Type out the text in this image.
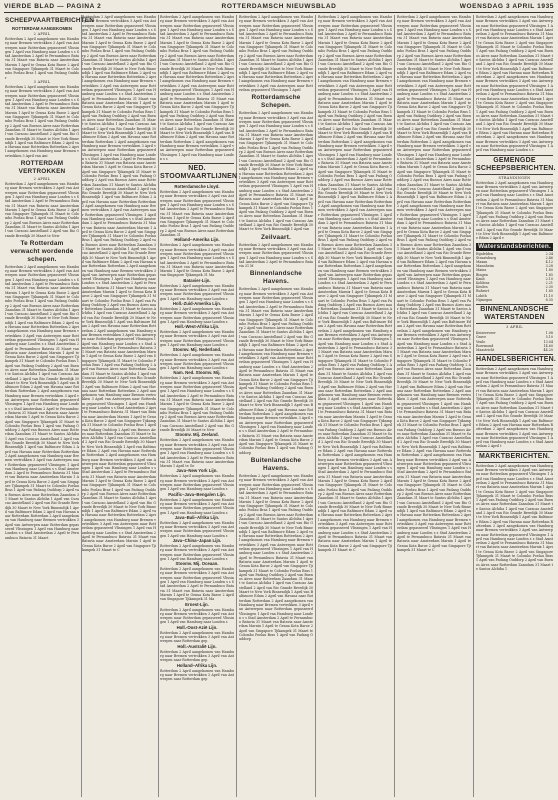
VIERDE BLAD — PAGINA 2	ROTTERDAMSCH NIEUWSBLAD	WOENSDAG 3 APRIL 1935
SCHEEPVAARTBERICHTEN
ROTTERDAM AANGEKOMEN
2 APRIL
Rotterdam 2 April aangekomen van Hamburg naar Bremen vertrokken 3 April van Antwerpen naar Rotterdam gepasseerd Vlissingen 1 April van Hamburg naar Londen s s Stad Amsterdam 2 April te Pernambuco Batavia 31 Maart van Batavia naar Amsterdam Marnix 1 April te Genua Kota Baroe 2 April van Singapore Tjikampek 31 Maart te Colombo Poelau Bras 1 April van Padang Ouddor
3 APRIL
Rotterdam 2 April aangekomen van Hamburg naar Bremen vertrokken 3 April van Antwerpen naar Rotterdam gepasseerd Vlissingen 1 April van Hamburg naar Londen s s Stad Amsterdam 2 April te Pernambuco Batavia 31 Maart van Batavia naar Amsterdam Marnix 1 April te Genua Kota Baroe 2 April van Singapore Tjikampek 31 Maart te Colombo Poelau Bras 1 April van Padang Ouddorp 2 April van Buenos Aires naar Rotterdam Zaandam 31 Maart te Santos Alchiba 1 April van Curacao Amstelland 2 April van Rio Grande Breedijk 30 Maart te New York Binnendijk 1 April van Baltimore Edam 2 April van Havana naar Rotterdam Rotterdam 2 April aangekomen van Hamburg naar Bremen vertrokken 3 April van Ant
ROTTERDAM VERTROKKEN
2 APRIL
Rotterdam 2 April aangekomen van Hamburg naar Bremen vertrokken 3 April van Antwerpen naar Rotterdam gepasseerd Vlissingen 1 April van Hamburg naar Londen s s Stad Amsterdam 2 April te Pernambuco Batavia 31 Maart van Batavia naar Amsterdam Marnix 1 April te Genua Kota Baroe 2 April van Singapore Tjikampek 31 Maart te Colombo Poelau Bras 1 April van Padang Ouddorp 2 April van Buenos Aires naar Rotterdam Zaandam 31 Maart te Santos Alchiba 1 April van Curacao Amstelland 2 April van Rio Grande Breedijk 30 Maart te New
Te Rotterdam verwacht wordende schepen.
Rotterdam 2 April aangekomen van Hamburg naar Bremen vertrokken 3 April van Antwerpen naar Rotterdam gepasseerd Vlissingen 1 April van Hamburg naar Londen s s Stad Amsterdam 2 April te Pernambuco Batavia 31 Maart van Batavia naar Amsterdam Marnix 1 April te Genua Kota Baroe 2 April van Singapore Tjikampek 31 Maart te Colombo Poelau Bras 1 April van Padang Ouddorp 2 April van Buenos Aires naar Rotterdam Zaandam 31 Maart te Santos Alchiba 1 April van Curacao Amstelland 2 April van Rio Grande Breedijk 30 Maart te New York Binnendijk 1 April van Baltimore Edam 2 April van Havana naar Rotterdam Rotterdam 2 April aangekomen van Hamburg naar Bremen vertrokken 3 April van Antwerpen naar Rotterdam gepasseerd Vlissingen 1 April van Hamburg naar Londen s s Stad Amsterdam 2 April te Pernambuco Batavia 31 Maart van Batavia naar Amsterdam Marnix 1 April te Genua Kota Baroe 2 April van Singapore Tjikampek 31 Maart te Colombo Poelau Bras 1 April van Padang Ouddorp 2 April van Buenos Aires naar Rotterdam Zaandam 31 Maart te Santos Alchiba 1 April van Curacao Amstelland 2 April van Rio Grande Breedijk 30 Maart te New York Binnendijk 1 April van Baltimore Edam 2 April van Havana naar Rotterdam Rotterdam 2 April aangekomen van Hamburg naar Bremen vertrokken 3 April van Antwerpen naar Rotterdam gepasseerd Vlissingen 1 April van Hamburg naar Londen s s Stad Amsterdam 2 April te Pernambuco Batavia 31 Maart van Batavia naar Amsterdam Marnix 1 April te Genua Kota Baroe 2 April van Singapore Tjikampek 31 Maart te Colombo Poelau Bras 1 April van Padang Ouddorp 2 April van Buenos Aires naar Rotterdam Zaandam 31 Maart te Santos Alchiba 1 April van Curacao Amstelland 2 April van Rio Grande Breedijk 30 Maart te New York Binnendijk 1 April van Baltimore Edam 2 April van Havana naar Rotterdam Rotterdam 2 April aangekomen van Hamburg naar Bremen vertrokken 3 April van Antwerpen naar Rotterdam gepasseerd Vlissingen 1 April van Hamburg naar Londen s s Stad Amsterdam 2 April te Pernambuco Batavia 31 Maart van Batavia naar Amsterdam Marnix 1 April te Genua Kota Baroe 2 April van Singapore Tjikampek 31 Maart te Colombo Poelau Bras 1 April van Padang Ouddorp 2 April van Buenos Aires naar Rotterdam Zaandam 31 Maart te Santos Alchiba 1 April van Curacao Amstelland 2 April van Rio Grande Breedijk 30 Maart te New York Binnendijk 1 April van Baltimore Edam 2 April van Havana naar Rotterdam Rotterdam 2 April aangekomen van Hamburg naar Bremen vertrokken 3 April van Antwerpen naar Rotterdam gepasseerd Vlissingen 1 April van Hamburg naar Londen s s Stad Amsterdam 2 April te Pernambuco Batavia 31 Maart
Rotterdam 2 April aangekomen van Hamburg naar Bremen vertrokken 3 April van Antwerpen naar Rotterdam gepasseerd Vlissingen 1 April van Hamburg naar Londen s s Stad Amsterdam 2 April te Pernambuco Batavia 31 Maart van Batavia naar Amsterdam Marnix 1 April te Genua Kota Baroe 2 April van Singapore Tjikampek 31 Maart te Colombo Poelau Bras 1 April van Padang Ouddorp 2 April van Buenos Aires naar Rotterdam Zaandam 31 Maart te Santos Alchiba 1 April van Curacao Amstelland 2 April van Rio Grande Breedijk 30 Maart te New York Binnendijk 1 April van Baltimore Edam 2 April van Havana naar Rotterdam Rotterdam 2 April aangekomen van Hamburg naar Bremen vertrokken 3 April van Antwerpen naar Rotterdam gepasseerd Vlissingen 1 April van Hamburg naar Londen s s Stad Amsterdam 2 April te Pernambuco Batavia 31 Maart van Batavia naar Amsterdam Marnix 1 April te Genua Kota Baroe 2 April van Singapore Tjikampek 31 Maart te Colombo Poelau Bras 1 April van Padang Ouddorp 2 April van Buenos Aires naar Rotterdam Zaandam 31 Maart te Santos Alchiba 1 April van Curacao Amstelland 2 April van Rio Grande Breedijk 30 Maart te New York Binnendijk 1 April van Baltimore Edam 2 April van Havana naar Rotterdam Rotterdam 2 April aangekomen van Hamburg naar Bremen vertrokken 3 April van Antwerpen naar Rotterdam gepasseerd Vlissingen 1 April van Hamburg naar Londen s s Stad Amsterdam 2 April te Pernambuco Batavia 31 Maart van Batavia naar Amsterdam Marnix 1 April te Genua Kota Baroe 2 April van Singapore Tjikampek 31 Maart te Colombo Poelau Bras 1 April van Padang Ouddorp 2 April van Buenos Aires naar Rotterdam Zaandam 31 Maart te Santos Alchiba 1 April van Curacao Amstelland 2 April van Rio Grande Breedijk 30 Maart te New York Binnendijk 1 April van Baltimore Edam 2 April van Havana naar Rotterdam Rotterdam 2 April aangekomen van Hamburg naar Bremen vertrokken 3 April van Antwerpen naar Rotterdam gepasseerd Vlissingen 1 April van Hamburg naar Londen s s Stad Amsterdam 2 April te Pernambuco Batavia 31 Maart van Batavia naar Amsterdam Marnix 1 April te Genua Kota Baroe 2 April van Singapore Tjikampek 31 Maart te Colombo Poelau Bras 1 April van Padang Ouddorp 2 April van Buenos Aires naar Rotterdam Zaandam 31 Maart te Santos Alchiba 1 April van Curacao Amstelland 2 April van Rio Grande Breedijk 30 Maart te New York Binnendijk 1 April van Baltimore Edam 2 April van Havana naar Rotterdam Rotterdam 2 April aangekomen van Hamburg naar Bremen vertrokken 3 April van Antwerpen naar Rotterdam gepasseerd Vlissingen 1 April van Hamburg naar Londen s s Stad Amsterdam 2 April te Pernambuco Batavia 31 Maart van Batavia naar Amsterdam Marnix 1 April te Genua Kota Baroe 2 April van Singapore Tjikampek 31 Maart te Colombo Poelau Bras 1 April van Padang Ouddorp 2 April van Buenos Aires naar Rotterdam Zaandam 31 Maart te Santos Alchiba 1 April van Curacao Amstelland 2 April van Rio Grande Breedijk 30 Maart te New York Binnendijk 1 April van Baltimore Edam 2 April van Havana naar Rotterdam Rotterdam 2 April aangekomen van Hamburg naar Bremen vertrokken 3 April van Antwerpen naar Rotterdam gepasseerd Vlissingen 1 April van Hamburg naar Londen s s Stad Amsterdam 2 April te Pernambuco Batavia 31 Maart van Batavia naar Amsterdam Marnix 1 April te Genua Kota Baroe 2 April van Singapore Tjikampek 31 Maart te Colombo Poelau Bras 1 April van Padang Ouddorp 2 April van Buenos Aires naar Rotterdam Zaandam 31 Maart te Santos Alchiba 1 April van Curacao Amstelland 2 April van Rio Grande Breedijk 30 Maart te New York Binnendijk 1 April van Baltimore Edam 2 April van Havana naar Rotterdam Rotterdam 2 April aangekomen van Hamburg naar Bremen vertrokken 3 April van Antwerpen naar Rotterdam gepasseerd Vlissingen 1 April van Hamburg naar Londen s s Stad Amsterdam 2 April te Pernambuco Batavia 31 Maart van Batavia naar Amsterdam Marnix 1 April te Genua Kota Baroe 2 April van Singapore Tjikampek 31 Maart te Colombo Poelau Bras 1 April van Padang Ouddorp 2 April van Buenos Aires naar Rotterdam Zaandam 31 Maart te Santos Alchiba 1 April van Curacao Amstelland 2 April van Rio Grande Breedijk 30 Maart te New York Binnendijk 1 April van Baltimore Edam 2 April van Havana naar Rotterdam Rotterdam 2 April aangekomen van Hamburg naar Bremen vertrokken 3 April van Antwerpen naar Rotterdam gepasseerd Vlissingen 1 April van Hamburg naar Londen s s Stad Amsterdam 2 April te Pernambuco Batavia 31 Maart van Batavia naar Amsterdam Marnix 1 April te Genua Kota Baroe 2 April van Singapore Tjikampek 31 Maart te Colombo Poelau Bras 1 April van Padang Ouddorp 2 April van Buenos Aires naar Rotterdam Zaandam 31 Maart te Santos Alchiba 1 April van Curacao Amstelland 2 April van Rio Grande Breedijk 30 Maart te New York Binnendijk 1 April van Baltimore Edam 2 April van Havana naar Rotterdam Rotterdam 2 April aangekomen van Hamburg naar Bremen vertrokken 3 April van Antwerpen naar Rotterdam gepasseerd Vlissingen 1 April van Hamburg naar Londen s s Stad Amsterdam 2 April te Pernambuco Batavia 31 Maart van Batavia naar Amsterdam Marnix 1 April te Genua Kota Baroe 2 April van Singapore Tjikampek 31 Maart te C
Rotterdam 2 April aangekomen van Hamburg naar Bremen vertrokken 3 April van Antwerpen naar Rotterdam gepasseerd Vlissingen 1 April van Hamburg naar Londen s s Stad Amsterdam 2 April te Pernambuco Batavia 31 Maart van Batavia naar Amsterdam Marnix 1 April te Genua Kota Baroe 2 April van Singapore Tjikampek 31 Maart te Colombo Poelau Bras 1 April van Padang Ouddorp 2 April van Buenos Aires naar Rotterdam Zaandam 31 Maart te Santos Alchiba 1 April van Curacao Amstelland 2 April van Rio Grande Breedijk 30 Maart te New York Binnendijk 1 April van Baltimore Edam 2 April van Havana naar Rotterdam Rotterdam 2 April aangekomen van Hamburg naar Bremen vertrokken 3 April van Antwerpen naar Rotterdam gepasseerd Vlissingen 1 April van Hamburg naar Londen s s Stad Amsterdam 2 April te Pernambuco Batavia 31 Maart van Batavia naar Amsterdam Marnix 1 April te Genua Kota Baroe 2 April van Singapore Tjikampek 31 Maart te Colombo Poelau Bras 1 April van Padang Ouddorp 2 April van Buenos Aires naar Rotterdam Zaandam 31 Maart te Santos Alchiba 1 April van Curacao Amstelland 2 April van Rio Grande Breedijk 30 Maart te New York Binnendijk 1 April van Baltimore Edam 2 April van Havana naar Rotterdam Rotterdam 2 April aangekomen van Hamburg naar Bremen vertrokken 3 April van Antwerpen naar Rotterdam gepasseerd Vlissingen 1 April van Hamburg naar Londen s s
NED. STOOMVAARTLIJNEN
Rotterdamsche Lloyd.
Rotterdam 2 April aangekomen van Hamburg naar Bremen vertrokken 3 April van Antwerpen naar Rotterdam gepasseerd Vlissingen 1 April van Hamburg naar Londen s s Stad Amsterdam 2 April te Pernambuco Batavia 31 Maart van Batavia naar Amsterdam Marnix 1 April te Genua Kota Baroe 2 April van Singapore Tjikampek 31 Maart te Colombo Poelau Bras 1 April van Padang Ouddorp 2 April van Buenos Aires naar Rotterdam Zaandam 31
Holland–Amerika Lijn.
Rotterdam 2 April aangekomen van Hamburg naar Bremen vertrokken 3 April van Antwerpen naar Rotterdam gepasseerd Vlissingen 1 April van Hamburg naar Londen s s Stad Amsterdam 2 April te Pernambuco Batavia 31 Maart van Batavia naar Amsterdam Marnix 1 April te Genua Kota Baroe 2 April van Singapore Tjikampek 31 Ma
Batavier-Lijn.
Rotterdam 2 April aangekomen van Hamburg naar Bremen vertrokken 3 April van Antwerpen naar Rotterdam gepasseerd Vlissingen 1 April van Hamburg naar Londen s
Holl.-Zuid-Amerika Lijn.
Rotterdam 2 April aangekomen van Hamburg naar Bremen vertrokken 3 April van Antwerpen naar Rotterdam gepasseerd Vlissingen 1 April van Hamburg naar Londen s
Holl.-West-Afrika Lijn.
Rotterdam 2 April aangekomen van Hamburg naar Bremen vertrokken 3 April van Antwerpen naar Rotterdam gepasseerd Vlissingen 1 April van Hamburg naar Londen s
Stoomv. Mij. Nederland.
Rotterdam 2 April aangekomen van Hamburg naar Bremen vertrokken 3 April van Antwerpen naar Rotterdam gepasseerd Vlissingen 1 April van Hamburg naar Londen s
Nam. Ned. Stoomv. Mij.
Rotterdam 2 April aangekomen van Hamburg naar Bremen vertrokken 3 April van Antwerpen naar Rotterdam gepasseerd Vlissingen 1 April van Hamburg naar Londen s s Stad Amsterdam 2 April te Pernambuco Batavia 31 Maart van Batavia naar Amsterdam Marnix 1 April te Genua Kota Baroe 2 April van Singapore Tjikampek 31 Maart te Colombo Poelau Bras 1 April van Padang Ouddorp 2 April van Buenos Aires naar Rotterdam Zaandam 31 Maart te Santos Alchiba 1 April van Curacao Amstelland 2 April van Rio Grande Breedijk 30 Maart te New
Stoomv. Mij. Zeeland.
Rotterdam 2 April aangekomen van Hamburg naar Bremen vertrokken 3 April van Antwerpen naar Rotterdam gepasseerd Vlissingen 1 April van Hamburg naar Londen s s Stad Amsterdam 2 April te Pernambuco Batavia 31 Maart van Batavia naar Amsterdam Marnix 1 April te Ge
Java–New York Lijn.
Rotterdam 2 April aangekomen van Hamburg naar Bremen vertrokken 3 April van Antwerpen naar Rotterdam gepasseerd Vlissingen 1 April van Hamburg naar Londen s
Pacific–Java–Bengalen Lijn.
Rotterdam 2 April aangekomen van Hamburg naar Bremen vertrokken 3 April van Antwerpen naar Rotterdam gepasseerd Vlissingen 1 April van Hamburg naar Londen s
Java–Bali–Afrika Lijn.
Rotterdam 2 April aangekomen van Hamburg naar Bremen vertrokken 3 April van Antwerpen naar Rotterdam gepasseerd Vlissingen 1 April van Hamburg naar Londen s
Java–China–Japan Lijn.
Rotterdam 2 April aangekomen van Hamburg naar Bremen vertrokken 3 April van Antwerpen naar Rotterdam gepasseerd Vlissingen 1 April van Hamburg naar Londen s
Stoomv. Mij. Oceaan.
Rotterdam 2 April aangekomen van Hamburg naar Bremen vertrokken 3 April van Antwerpen naar Rotterdam gepasseerd Vlissingen 1 April van Hamburg naar Londen s s Stad Amsterdam 2 April te Pernambuco Batavia 31 Maart van Batavia naar Amsterdam Marnix 1 April te Genua Kota Baroe 2 April van Singapore Tjikampek 31 Ma
Ernest-Lijn.
Rotterdam 2 April aangekomen van Hamburg naar Bremen vertrokken 3 April van Antwerpen naar Rotterdam gepasseerd Vlissingen 1 April van Hamburg naar Londen s
Holl.-Oost-Azië Lijn.
Rotterdam 2 April aangekomen van Hamburg naar Bremen vertrokken 3 April van Antwerpen naar Rotterdam gep
Holl.-Australië Lijn.
Rotterdam 2 April aangekomen van Hamburg naar Bremen vertrokken 3 April van Antwerpen naar Rotterdam gep
Holland–Afrika Lijn.
Rotterdam 2 April aangekomen van Hamburg naar Bremen vertrokken 3 April van Antwerpen naar Rotterdam gep
Rotterdam 2 April aangekomen van Hamburg naar Bremen vertrokken 3 April van Antwerpen naar Rotterdam gepasseerd Vlissingen 1 April van Hamburg naar Londen s s Stad Amsterdam 2 April te Pernambuco Batavia 31 Maart van Batavia naar Amsterdam Marnix 1 April te Genua Kota Baroe 2 April van Singapore Tjikampek 31 Maart te Colombo Poelau Bras 1 April van Padang Ouddorp 2 April van Buenos Aires naar Rotterdam Zaandam 31 Maart te Santos Alchiba 1 April van Curacao Amstelland 2 April van Rio Grande Breedijk 30 Maart te New York Binnendijk 1 April van Baltimore Edam 2 April van Havana naar Rotterdam Rotterdam 2 April aangekomen van Hamburg naar Bremen vertrokken 3 April van Antwerpen naar Rotterdam gepasseerd Vlissingen 1 April
Rotterdamsche Schepen.
Rotterdam 2 April aangekomen van Hamburg naar Bremen vertrokken 3 April van Antwerpen naar Rotterdam gepasseerd Vlissingen 1 April van Hamburg naar Londen s s Stad Amsterdam 2 April te Pernambuco Batavia 31 Maart van Batavia naar Amsterdam Marnix 1 April te Genua Kota Baroe 2 April van Singapore Tjikampek 31 Maart te Colombo Poelau Bras 1 April van Padang Ouddorp 2 April van Buenos Aires naar Rotterdam Zaandam 31 Maart te Santos Alchiba 1 April van Curacao Amstelland 2 April van Rio Grande Breedijk 30 Maart te New York Binnendijk 1 April van Baltimore Edam 2 April van Havana naar Rotterdam Rotterdam 2 April aangekomen van Hamburg naar Bremen vertrokken 3 April van Antwerpen naar Rotterdam gepasseerd Vlissingen 1 April van Hamburg naar Londen s s Stad Amsterdam 2 April te Pernambuco Batavia 31 Maart van Batavia naar Amsterdam Marnix 1 April te Genua Kota Baroe 2 April van Singapore Tjikampek 31 Maart te Colombo Poelau Bras 1 April van Padang Ouddorp 2 April van Buenos Aires naar Rotterdam Zaandam 31 Maart te Santos Alchiba 1 April van Curacao Amstelland 2 April van Rio Grande Breedijk 30 Maart te New York Binnendijk 1 April van
Zeilvaart.
Rotterdam 2 April aangekomen van Hamburg naar Bremen vertrokken 3 April van Antwerpen naar Rotterdam gepasseerd Vlissingen 1 April van Hamburg naar Londen s s Stad Amsterdam 2 April te Pernambuco Batavia 31 M
Binnenlandsche Havens.
Rotterdam 2 April aangekomen van Hamburg naar Bremen vertrokken 3 April van Antwerpen naar Rotterdam gepasseerd Vlissingen 1 April van Hamburg naar Londen s s Stad Amsterdam 2 April te Pernambuco Batavia 31 Maart van Batavia naar Amsterdam Marnix 1 April te Genua Kota Baroe 2 April van Singapore Tjikampek 31 Maart te Colombo Poelau Bras 1 April van Padang Ouddorp 2 April van Buenos Aires naar Rotterdam Zaandam 31 Maart te Santos Alchiba 1 April van Curacao Amstelland 2 April van Rio Grande Breedijk 30 Maart te New York Binnendijk 1 April van Baltimore Edam 2 April van Havana naar Rotterdam Rotterdam 2 April aangekomen van Hamburg naar Bremen vertrokken 3 April van Antwerpen naar Rotterdam gepasseerd Vlissingen 1 April van Hamburg naar Londen s s Stad Amsterdam 2 April te Pernambuco Batavia 31 Maart van Batavia naar Amsterdam Marnix 1 April te Genua Kota Baroe 2 April van Singapore Tjikampek 31 Maart te Colombo Poelau Bras 1 April van Padang Ouddorp 2 April van Buenos Aires naar Rotterdam Zaandam 31 Maart te Santos Alchiba 1 April van Curacao Amstelland 2 April van Rio Grande Breedijk 30 Maart te New York Binnendijk 1 April van Baltimore Edam 2 April van Havana naar Rotterdam Rotterdam 2 April aangekomen van Hamburg naar Bremen vertrokken 3 April van Antwerpen naar Rotterdam gepasseerd Vlissingen 1 April van Hamburg naar Londen s s Stad Amsterdam 2 April te Pernambuco Batavia 31 Maart van Batavia naar Amsterdam Marnix 1 April te Genua Kota Baroe 2 April van Singapore Tjikampek 31 Maart te Colombo Poelau Bras 1 April van Padang Ouddorp
Buitenlandsche Havens.
Rotterdam 2 April aangekomen van Hamburg naar Bremen vertrokken 3 April van Antwerpen naar Rotterdam gepasseerd Vlissingen 1 April van Hamburg naar Londen s s Stad Amsterdam 2 April te Pernambuco Batavia 31 Maart van Batavia naar Amsterdam Marnix 1 April te Genua Kota Baroe 2 April van Singapore Tjikampek 31 Maart te Colombo Poelau Bras 1 April van Padang Ouddorp 2 April van Buenos Aires naar Rotterdam Zaandam 31 Maart te Santos Alchiba 1 April van Curacao Amstelland 2 April van Rio Grande Breedijk 30 Maart te New York Binnendijk 1 April van Baltimore Edam 2 April van Havana naar Rotterdam Rotterdam 2 April aangekomen van Hamburg naar Bremen vertrokken 3 April van Antwerpen naar Rotterdam gepasseerd Vlissingen 1 April van Hamburg naar Londen s s Stad Amsterdam 2 April te Pernambuco Batavia 31 Maart van Batavia naar Amsterdam Marnix 1 April te Genua Kota Baroe 2 April van Singapore Tjikampek 31 Maart te Colombo Poelau Bras 1 April van Padang Ouddorp 2 April van Buenos Aires naar Rotterdam Zaandam 31 Maart te Santos Alchiba 1 April van Curacao Amstelland 2 April van Rio Grande Breedijk 30 Maart te New York Binnendijk 1 April van Baltimore Edam 2 April van Havana naar Rotterdam Rotterdam 2 April aangekomen van Hamburg naar Bremen vertrokken 3 April van Antwerpen naar Rotterdam gepasseerd Vlissingen 1 April van Hamburg naar Londen s s Stad Amsterdam 2 April te Pernambuco Batavia 31 Maart van Batavia naar Amsterdam Marnix 1 April te Genua Kota Baroe 2 April van Singapore Tjikampek 31 Maart te Colombo Poelau Bras 1 April van Padang Ouddorp
Rotterdam 2 April aangekomen van Hamburg naar Bremen vertrokken 3 April van Antwerpen naar Rotterdam gepasseerd Vlissingen 1 April van Hamburg naar Londen s s Stad Amsterdam 2 April te Pernambuco Batavia 31 Maart van Batavia naar Amsterdam Marnix 1 April te Genua Kota Baroe 2 April van Singapore Tjikampek 31 Maart te Colombo Poelau Bras 1 April van Padang Ouddorp 2 April van Buenos Aires naar Rotterdam Zaandam 31 Maart te Santos Alchiba 1 April van Curacao Amstelland 2 April van Rio Grande Breedijk 30 Maart te New York Binnendijk 1 April van Baltimore Edam 2 April van Havana naar Rotterdam Rotterdam 2 April aangekomen van Hamburg naar Bremen vertrokken 3 April van Antwerpen naar Rotterdam gepasseerd Vlissingen 1 April van Hamburg naar Londen s s Stad Amsterdam 2 April te Pernambuco Batavia 31 Maart van Batavia naar Amsterdam Marnix 1 April te Genua Kota Baroe 2 April van Singapore Tjikampek 31 Maart te Colombo Poelau Bras 1 April van Padang Ouddorp 2 April van Buenos Aires naar Rotterdam Zaandam 31 Maart te Santos Alchiba 1 April van Curacao Amstelland 2 April van Rio Grande Breedijk 30 Maart te New York Binnendijk 1 April van Baltimore Edam 2 April van Havana naar Rotterdam Rotterdam 2 April aangekomen van Hamburg naar Bremen vertrokken 3 April van Antwerpen naar Rotterdam gepasseerd Vlissingen 1 April van Hamburg naar Londen s s Stad Amsterdam 2 April te Pernambuco Batavia 31 Maart van Batavia naar Amsterdam Marnix 1 April te Genua Kota Baroe 2 April van Singapore Tjikampek 31 Maart te Colombo Poelau Bras 1 April van Padang Ouddorp 2 April van Buenos Aires naar Rotterdam Zaandam 31 Maart te Santos Alchiba 1 April van Curacao Amstelland 2 April van Rio Grande Breedijk 30 Maart te New York Binnendijk 1 April van Baltimore Edam 2 April van Havana naar Rotterdam Rotterdam 2 April aangekomen van Hamburg naar Bremen vertrokken 3 April van Antwerpen naar Rotterdam gepasseerd Vlissingen 1 April van Hamburg naar Londen s s Stad Amsterdam 2 April te Pernambuco Batavia 31 Maart van Batavia naar Amsterdam Marnix 1 April te Genua Kota Baroe 2 April van Singapore Tjikampek 31 Maart te Colombo Poelau Bras 1 April van Padang Ouddorp 2 April van Buenos Aires naar Rotterdam Zaandam 31 Maart te Santos Alchiba 1 April van Curacao Amstelland 2 April van Rio Grande Breedijk 30 Maart te New York Binnendijk 1 April van Baltimore Edam 2 April van Havana naar Rotterdam Rotterdam 2 April aangekomen van Hamburg naar Bremen vertrokken 3 April van Antwerpen naar Rotterdam gepasseerd Vlissingen 1 April van Hamburg naar Londen s s Stad Amsterdam 2 April te Pernambuco Batavia 31 Maart van Batavia naar Amsterdam Marnix 1 April te Genua Kota Baroe 2 April van Singapore Tjikampek 31 Maart te Colombo Poelau Bras 1 April van Padang Ouddorp 2 April van Buenos Aires naar Rotterdam Zaandam 31 Maart te Santos Alchiba 1 April van Curacao Amstelland 2 April van Rio Grande Breedijk 30 Maart te New York Binnendijk 1 April van Baltimore Edam 2 April van Havana naar Rotterdam Rotterdam 2 April aangekomen van Hamburg naar Bremen vertrokken 3 April van Antwerpen naar Rotterdam gepasseerd Vlissingen 1 April van Hamburg naar Londen s s Stad Amsterdam 2 April te Pernambuco Batavia 31 Maart van Batavia naar Amsterdam Marnix 1 April te Genua Kota Baroe 2 April van Singapore Tjikampek 31 Maart te Colombo Poelau Bras 1 April van Padang Ouddorp 2 April van Buenos Aires naar Rotterdam Zaandam 31 Maart te Santos Alchiba 1 April van Curacao Amstelland 2 April van Rio Grande Breedijk 30 Maart te New York Binnendijk 1 April van Baltimore Edam 2 April van Havana naar Rotterdam Rotterdam 2 April aangekomen van Hamburg naar Bremen vertrokken 3 April van Antwerpen naar Rotterdam gepasseerd Vlissingen 1 April van Hamburg naar Londen s s Stad Amsterdam 2 April te Pernambuco Batavia 31 Maart van Batavia naar Amsterdam Marnix 1 April te Genua Kota Baroe 2 April van Singapore Tjikampek 31 Maart te Colombo Poelau Bras 1 April van Padang Ouddorp 2 April van Buenos Aires naar Rotterdam Zaandam 31 Maart te Santos Alchiba 1 April van Curacao Amstelland 2 April van Rio Grande Breedijk 30 Maart te New York Binnendijk 1 April van Baltimore Edam 2 April van Havana naar Rotterdam Rotterdam 2 April aangekomen van Hamburg naar Bremen vertrokken 3 April van Antwerpen naar Rotterdam gepasseerd Vlissingen 1 April van Hamburg naar Londen s s Stad Amsterdam 2 April te Pernambuco Batavia 31 Maart van Batavia naar Amsterdam Marnix 1 April te Genua Kota Baroe 2 April van Singapore Tjikampek 31 Maart te Colombo Poelau Bras 1 April van Padang Ouddorp 2 April van Buenos Aires naar Rotterdam Zaandam 31 Maart te Santos Alchiba 1 April van Curacao Amstelland 2 April van Rio Grande Breedijk 30 Maart te New York Binnendijk 1 April van Baltimore Edam 2 April van Havana naar Rotterdam Rotterdam 2 April aangekomen van Hamburg naar Bremen vertrokken 3 April van Antwerpen naar Rotterdam gepasseerd Vlissingen 1 April van Hamburg naar Londen s s Stad Amsterdam 2 April te Pernambuco Batavia 31 Maart van Batavia naar Amsterdam Marnix 1 April te Genua Kota Baroe 2 April van Singapore Tjikampek 31 Maart te C
Rotterdam 2 April aangekomen van Hamburg naar Bremen vertrokken 3 April van Antwerpen naar Rotterdam gepasseerd Vlissingen 1 April van Hamburg naar Londen s s Stad Amsterdam 2 April te Pernambuco Batavia 31 Maart van Batavia naar Amsterdam Marnix 1 April te Genua Kota Baroe 2 April van Singapore Tjikampek 31 Maart te Colombo Poelau Bras 1 April van Padang Ouddorp 2 April van Buenos Aires naar Rotterdam Zaandam 31 Maart te Santos Alchiba 1 April van Curacao Amstelland 2 April van Rio Grande Breedijk 30 Maart te New York Binnendijk 1 April van Baltimore Edam 2 April van Havana naar Rotterdam Rotterdam 2 April aangekomen van Hamburg naar Bremen vertrokken 3 April van Antwerpen naar Rotterdam gepasseerd Vlissingen 1 April van Hamburg naar Londen s s Stad Amsterdam 2 April te Pernambuco Batavia 31 Maart van Batavia naar Amsterdam Marnix 1 April te Genua Kota Baroe 2 April van Singapore Tjikampek 31 Maart te Colombo Poelau Bras 1 April van Padang Ouddorp 2 April van Buenos Aires naar Rotterdam Zaandam 31 Maart te Santos Alchiba 1 April van Curacao Amstelland 2 April van Rio Grande Breedijk 30 Maart te New York Binnendijk 1 April van Baltimore Edam 2 April van Havana naar Rotterdam Rotterdam 2 April aangekomen van Hamburg naar Bremen vertrokken 3 April van Antwerpen naar Rotterdam gepasseerd Vlissingen 1 April van Hamburg naar Londen s s Stad Amsterdam 2 April te Pernambuco Batavia 31 Maart van Batavia naar Amsterdam Marnix 1 April te Genua Kota Baroe 2 April van Singapore Tjikampek 31 Maart te Colombo Poelau Bras 1 April van Padang Ouddorp 2 April van Buenos Aires naar Rotterdam Zaandam 31 Maart te Santos Alchiba 1 April van Curacao Amstelland 2 April van Rio Grande Breedijk 30 Maart te New York Binnendijk 1 April van Baltimore Edam 2 April van Havana naar Rotterdam Rotterdam 2 April aangekomen van Hamburg naar Bremen vertrokken 3 April van Antwerpen naar Rotterdam gepasseerd Vlissingen 1 April van Hamburg naar Londen s s Stad Amsterdam 2 April te Pernambuco Batavia 31 Maart van Batavia naar Amsterdam Marnix 1 April te Genua Kota Baroe 2 April van Singapore Tjikampek 31 Maart te Colombo Poelau Bras 1 April van Padang Ouddorp 2 April van Buenos Aires naar Rotterdam Zaandam 31 Maart te Santos Alchiba 1 April van Curacao Amstelland 2 April van Rio Grande Breedijk 30 Maart te New York Binnendijk 1 April van Baltimore Edam 2 April van Havana naar Rotterdam Rotterdam 2 April aangekomen van Hamburg naar Bremen vertrokken 3 April van Antwerpen naar Rotterdam gepasseerd Vlissingen 1 April van Hamburg naar Londen s s Stad Amsterdam 2 April te Pernambuco Batavia 31 Maart van Batavia naar Amsterdam Marnix 1 April te Genua Kota Baroe 2 April van Singapore Tjikampek 31 Maart te Colombo Poelau Bras 1 April van Padang Ouddorp 2 April van Buenos Aires naar Rotterdam Zaandam 31 Maart te Santos Alchiba 1 April van Curacao Amstelland 2 April van Rio Grande Breedijk 30 Maart te New York Binnendijk 1 April van Baltimore Edam 2 April van Havana naar Rotterdam Rotterdam 2 April aangekomen van Hamburg naar Bremen vertrokken 3 April van Antwerpen naar Rotterdam gepasseerd Vlissingen 1 April van Hamburg naar Londen s s Stad Amsterdam 2 April te Pernambuco Batavia 31 Maart van Batavia naar Amsterdam Marnix 1 April te Genua Kota Baroe 2 April van Singapore Tjikampek 31 Maart te Colombo Poelau Bras 1 April van Padang Ouddorp 2 April van Buenos Aires naar Rotterdam Zaandam 31 Maart te Santos Alchiba 1 April van Curacao Amstelland 2 April van Rio Grande Breedijk 30 Maart te New York Binnendijk 1 April van Baltimore Edam 2 April van Havana naar Rotterdam Rotterdam 2 April aangekomen van Hamburg naar Bremen vertrokken 3 April van Antwerpen naar Rotterdam gepasseerd Vlissingen 1 April van Hamburg naar Londen s s Stad Amsterdam 2 April te Pernambuco Batavia 31 Maart van Batavia naar Amsterdam Marnix 1 April te Genua Kota Baroe 2 April van Singapore Tjikampek 31 Maart te Colombo Poelau Bras 1 April van Padang Ouddorp 2 April van Buenos Aires naar Rotterdam Zaandam 31 Maart te Santos Alchiba 1 April van Curacao Amstelland 2 April van Rio Grande Breedijk 30 Maart te New York Binnendijk 1 April van Baltimore Edam 2 April van Havana naar Rotterdam Rotterdam 2 April aangekomen van Hamburg naar Bremen vertrokken 3 April van Antwerpen naar Rotterdam gepasseerd Vlissingen 1 April van Hamburg naar Londen s s Stad Amsterdam 2 April te Pernambuco Batavia 31 Maart van Batavia naar Amsterdam Marnix 1 April te Genua Kota Baroe 2 April van Singapore Tjikampek 31 Maart te Colombo Poelau Bras 1 April van Padang Ouddorp 2 April van Buenos Aires naar Rotterdam Zaandam 31 Maart te Santos Alchiba 1 April van Curacao Amstelland 2 April van Rio Grande Breedijk 30 Maart te New York Binnendijk 1 April van Baltimore Edam 2 April van Havana naar Rotterdam Rotterdam 2 April aangekomen van Hamburg naar Bremen vertrokken 3 April van Antwerpen naar Rotterdam gepasseerd Vlissingen 1 April van Hamburg naar Londen s s Stad Amsterdam 2 April te Pernambuco Batavia 31 Maart van Batavia naar Amsterdam Marnix 1 April te Genua Kota Baroe 2 April van Singapore Tjikampek 31 Maart te C
Rotterdam 2 April aangekomen van Hamburg naar Bremen vertrokken 3 April van Antwerpen naar Rotterdam gepasseerd Vlissingen 1 April van Hamburg naar Londen s s Stad Amsterdam 2 April te Pernambuco Batavia 31 Maart van Batavia naar Amsterdam Marnix 1 April te Genua Kota Baroe 2 April van Singapore Tjikampek 31 Maart te Colombo Poelau Bras 1 April van Padang Ouddorp 2 April van Buenos Aires naar Rotterdam Zaandam 31 Maart te Santos Alchiba 1 April van Curacao Amstelland 2 April van Rio Grande Breedijk 30 Maart te New York Binnendijk 1 April van Baltimore Edam 2 April van Havana naar Rotterdam Rotterdam 2 April aangekomen van Hamburg naar Bremen vertrokken 3 April van Antwerpen naar Rotterdam gepasseerd Vlissingen 1 April van Hamburg naar Londen s s Stad Amsterdam 2 April te Pernambuco Batavia 31 Maart van Batavia naar Amsterdam Marnix 1 April te Genua Kota Baroe 2 April van Singapore Tjikampek 31 Maart te Colombo Poelau Bras 1 April van Padang Ouddorp 2 April van Buenos Aires naar Rotterdam Zaandam 31 Maart te Santos Alchiba 1 April van Curacao Amstelland 2 April van Rio Grande Breedijk 30 Maart te New York Binnendijk 1 April van Baltimore Edam 2 April van Havana naar Rotterdam Rotterdam 2 April aangekomen van Hamburg naar Bremen vertrokken 3 April van Antwerpen naar Rotterdam gepasseerd Vlissingen 1 April van Hamburg naar Londen s s
GEMENGDE SCHEEPSBERICHTEN.
STRANDINGEN
Rotterdam 2 April aangekomen van Hamburg naar Bremen vertrokken 3 April van Antwerpen naar Rotterdam gepasseerd Vlissingen 1 April van Hamburg naar Londen s s Stad Amsterdam 2 April te Pernambuco Batavia 31 Maart van Batavia naar Amsterdam Marnix 1 April te Genua Kota Baroe 2 April van Singapore Tjikampek 31 Maart te Colombo Poelau Bras 1 April van Padang Ouddorp 2 April van Buenos Aires naar Rotterdam Zaandam 31 Maart te Santos Alchiba 1 April van Curacao Amstelland 2 April van Rio Grande Breedijk 30 Maart te New York Binnendijk 1 April van Baltimore Edam 2 April v
Waterstandsberichten.
Rijnfelden	2.34
Straatsburg	2.46
Maxau	4.12
Mannheim	3.28
Mainz	1.80
Bingen	1.85
Kaub	2.10
Koblenz	2.21
Keulen	2.30
Ruhrort	1.85
Lobith	11.10
Nijmegen	8.35
BINNENLANDSCHE WATERSTANDEN
3 APRIL
Keizersveer	1.08
Grave	5.10
Venlo	13.04
Roermond	14.60
Maastricht	44.20
HANDELSBERICHTEN.
Rotterdam 2 April aangekomen van Hamburg naar Bremen vertrokken 3 April van Antwerpen naar Rotterdam gepasseerd Vlissingen 1 April van Hamburg naar Londen s s Stad Amsterdam 2 April te Pernambuco Batavia 31 Maart van Batavia naar Amsterdam Marnix 1 April te Genua Kota Baroe 2 April van Singapore Tjikampek 31 Maart te Colombo Poelau Bras 1 April van Padang Ouddorp 2 April van Buenos Aires naar Rotterdam Zaandam 31 Maart te Santos Alchiba 1 April van Curacao Amstelland 2 April van Rio Grande Breedijk 30 Maart te New York Binnendijk 1 April van Baltimore Edam 2 April van Havana naar Rotterdam Rotterdam 2 April aangekomen van Hamburg naar Bremen vertrokken 3 April van Antwerpen naar Rotterdam gepasseerd Vlissingen 1 April van Hamburg naar Londen s s Stad Amsterdam 2 April t
MARKTBERICHTEN.
Rotterdam 2 April aangekomen van Hamburg naar Bremen vertrokken 3 April van Antwerpen naar Rotterdam gepasseerd Vlissingen 1 April van Hamburg naar Londen s s Stad Amsterdam 2 April te Pernambuco Batavia 31 Maart van Batavia naar Amsterdam Marnix 1 April te Genua Kota Baroe 2 April van Singapore Tjikampek 31 Maart te Colombo Poelau Bras 1 April van Padang Ouddorp 2 April van Buenos Aires naar Rotterdam Zaandam 31 Maart te Santos Alchiba 1 April van Curacao Amstelland 2 April van Rio Grande Breedijk 30 Maart te New York Binnendijk 1 April van Baltimore Edam 2 April van Havana naar Rotterdam Rotterdam 2 April aangekomen van Hamburg naar Bremen vertrokken 3 April van Antwerpen naar Rotterdam gepasseerd Vlissingen 1 April van Hamburg naar Londen s s Stad Amsterdam 2 April te Pernambuco Batavia 31 Maart van Batavia naar Amsterdam Marnix 1 April te Genua Kota Baroe 2 April van Singapore Tjikampek 31 Maart te Colombo Poelau Bras 1 April van Padang Ouddorp 2 April van Buenos Aires naar Rotterdam Zaandam 31 Maart te Santos Alchiba 1
